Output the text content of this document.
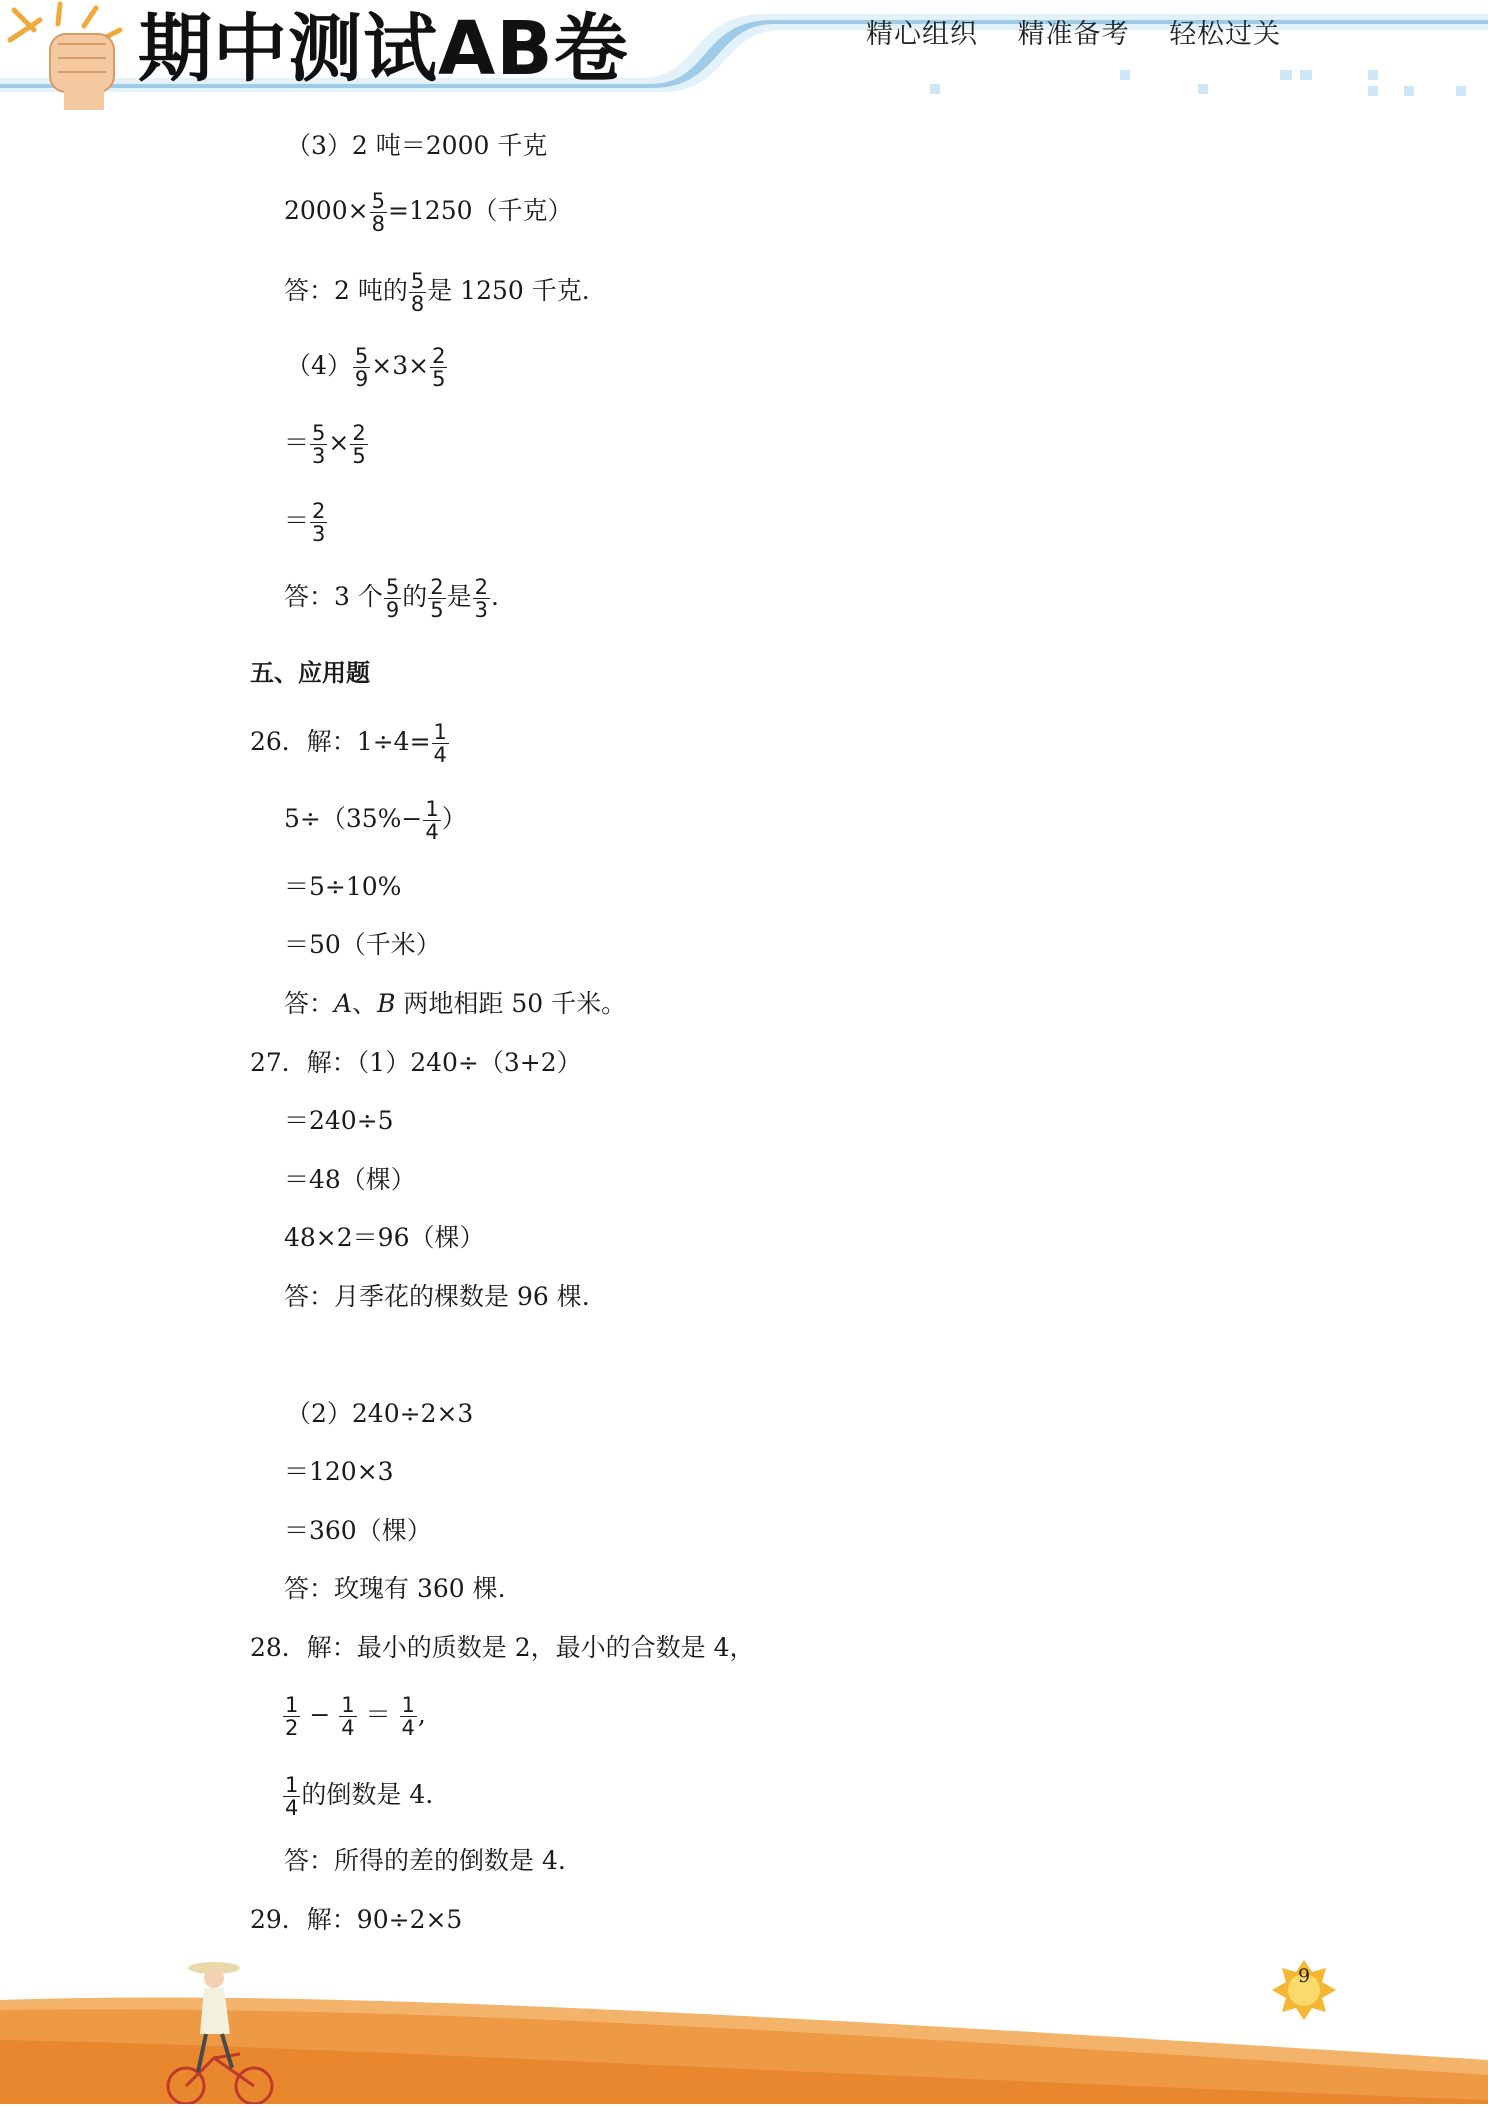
期中测试AB卷	精心组织 精准备考 轻松过关
（3）2 吨＝2000 千克
$2000\times \frac{5}{8} =1250$（千克）
答：2 吨的 $\frac{5}{8}$ 是 1250 千克.
$(4) \frac{5}{9} \times 3\times \frac{2}{5}$
＝ $\frac{5}{3} \times \frac{2}{5}$
＝ $\frac{2}{3}$
答：3 个 $\frac{5}{9}$ 的 $\frac{2}{5}$ 是 $\frac{2}{3}$ .
五、应用题
26．解：$1\div 4= \frac{1}{4}$
$5\div(35\%- \frac{1}{4}$ ）
＝5÷10%
＝50（千米）
答：A、B 两地相距 50 千米。
27．解：（1）240÷（3+2）
＝240÷5
＝48（棵）
48×2＝96（棵）
答：月季花的棵数是 96 棵.
（2）240÷2×3
＝120×3
＝360（棵）
答：玫瑰有 360 棵.
28．解：最小的质数是 2，最小的合数是 4，
$\frac{1}{2} - \frac{1}{4} = \frac{1}{4}$ ,
$\frac{1}{4}$ 的倒数是 4.
答：所得的差的倒数是 4.
29．解：90÷2×5
9
